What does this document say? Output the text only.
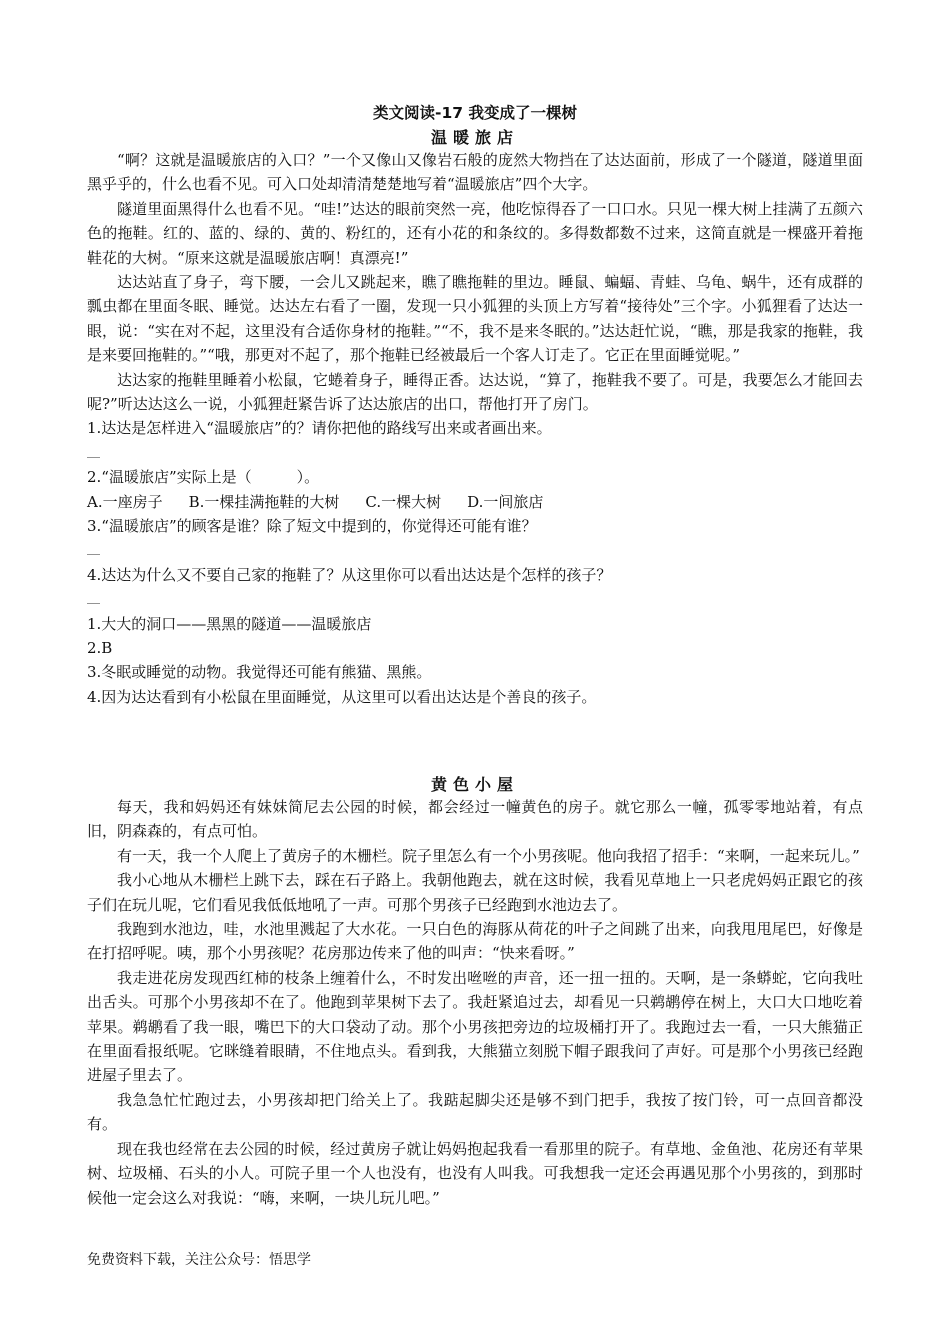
类文阅读-17 我变成了一棵树
温暖旅店

“啊？这就是温暖旅店的入口？”一个又像山又像岩石般的庞然大物挡在了达达面前，形成了一个隧道，隧道里面黑乎乎的，什么也看不见。可入口处却清清楚楚地写着“温暖旅店”四个大字。

隧道里面黑得什么也看不见。“哇!”达达的眼前突然一亮，他吃惊得吞了一口口水。只见一棵大树上挂满了五颜六色的拖鞋。红的、蓝的、绿的、黄的、粉红的，还有小花的和条纹的。多得数都数不过来，这简直就是一棵盛开着拖鞋花的大树。“原来这就是温暖旅店啊！真漂亮!”

达达站直了身子，弯下腰，一会儿又跳起来，瞧了瞧拖鞋的里边。睡鼠、蝙蝠、青蛙、乌龟、蜗牛，还有成群的瓢虫都在里面冬眠、睡觉。达达左右看了一圈，发现一只小狐狸的头顶上方写着“接待处”三个字。小狐狸看了达达一眼，说：“实在对不起，这里没有合适你身材的拖鞋。”“不，我不是来冬眠的。”达达赶忙说，“瞧，那是我家的拖鞋，我是来要回拖鞋的。”“哦，那更对不起了，那个拖鞋已经被最后一个客人订走了。它正在里面睡觉呢。”

达达家的拖鞋里睡着小松鼠，它蜷着身子，睡得正香。达达说，“算了，拖鞋我不要了。可是，我要怎么才能回去呢?”听达达这么一说，小狐狸赶紧告诉了达达旅店的出口，帮他打开了房门。

1.达达是怎样进入“温暖旅店”的？请你把他的路线写出来或者画出来。

＿

2.“温暖旅店”实际上是（　　　）。

A.一座房子 B.一棵挂满拖鞋的大树 C.一棵大树 D.一间旅店

3.“温暖旅店”的顾客是谁？除了短文中提到的，你觉得还可能有谁？

＿

4.达达为什么又不要自己家的拖鞋了？从这里你可以看出达达是个怎样的孩子？

＿

1.大大的洞口——黑黑的隧道——温暖旅店

2.B

3.冬眠或睡觉的动物。我觉得还可能有熊猫、黑熊。

4.因为达达看到有小松鼠在里面睡觉，从这里可以看出达达是个善良的孩子。

黄色小屋

每天，我和妈妈还有妹妹简尼去公园的时候，都会经过一幢黄色的房子。就它那么一幢，孤零零地站着，有点旧，阴森森的，有点可怕。

有一天，我一个人爬上了黄房子的木栅栏。院子里怎么有一个小男孩呢。他向我招了招手：“来啊，一起来玩儿。”

我小心地从木栅栏上跳下去，踩在石子路上。我朝他跑去，就在这时候，我看见草地上一只老虎妈妈正跟它的孩子们在玩儿呢，它们看见我低低地吼了一声。可那个男孩子已经跑到水池边去了。

我跑到水池边，哇，水池里溅起了大水花。一只白色的海豚从荷花的叶子之间跳了出来，向我甩甩尾巴，好像是在打招呼呢。咦，那个小男孩呢？花房那边传来了他的叫声：“快来看呀。”

我走进花房发现西红柿的枝条上缠着什么，不时发出咝咝的声音，还一扭一扭的。天啊，是一条蟒蛇，它向我吐出舌头。可那个小男孩却不在了。他跑到苹果树下去了。我赶紧追过去，却看见一只鹈鹕停在树上，大口大口地吃着苹果。鹈鹕看了我一眼，嘴巴下的大口袋动了动。那个小男孩把旁边的垃圾桶打开了。我跑过去一看，一只大熊猫正在里面看报纸呢。它眯缝着眼睛，不住地点头。看到我，大熊猫立刻脱下帽子跟我问了声好。可是那个小男孩已经跑进屋子里去了。

我急急忙忙跑过去，小男孩却把门给关上了。我踮起脚尖还是够不到门把手，我按了按门铃，可一点回音都没有。

现在我也经常在去公园的时候，经过黄房子就让妈妈抱起我看一看那里的院子。有草地、金鱼池、花房还有苹果树、垃圾桶、石头的小人。可院子里一个人也没有，也没有人叫我。可我想我一定还会再遇见那个小男孩的，到那时候他一定会这么对我说：“嗨，来啊，一块儿玩儿吧。”

免费资料下载，关注公众号：悟思学
